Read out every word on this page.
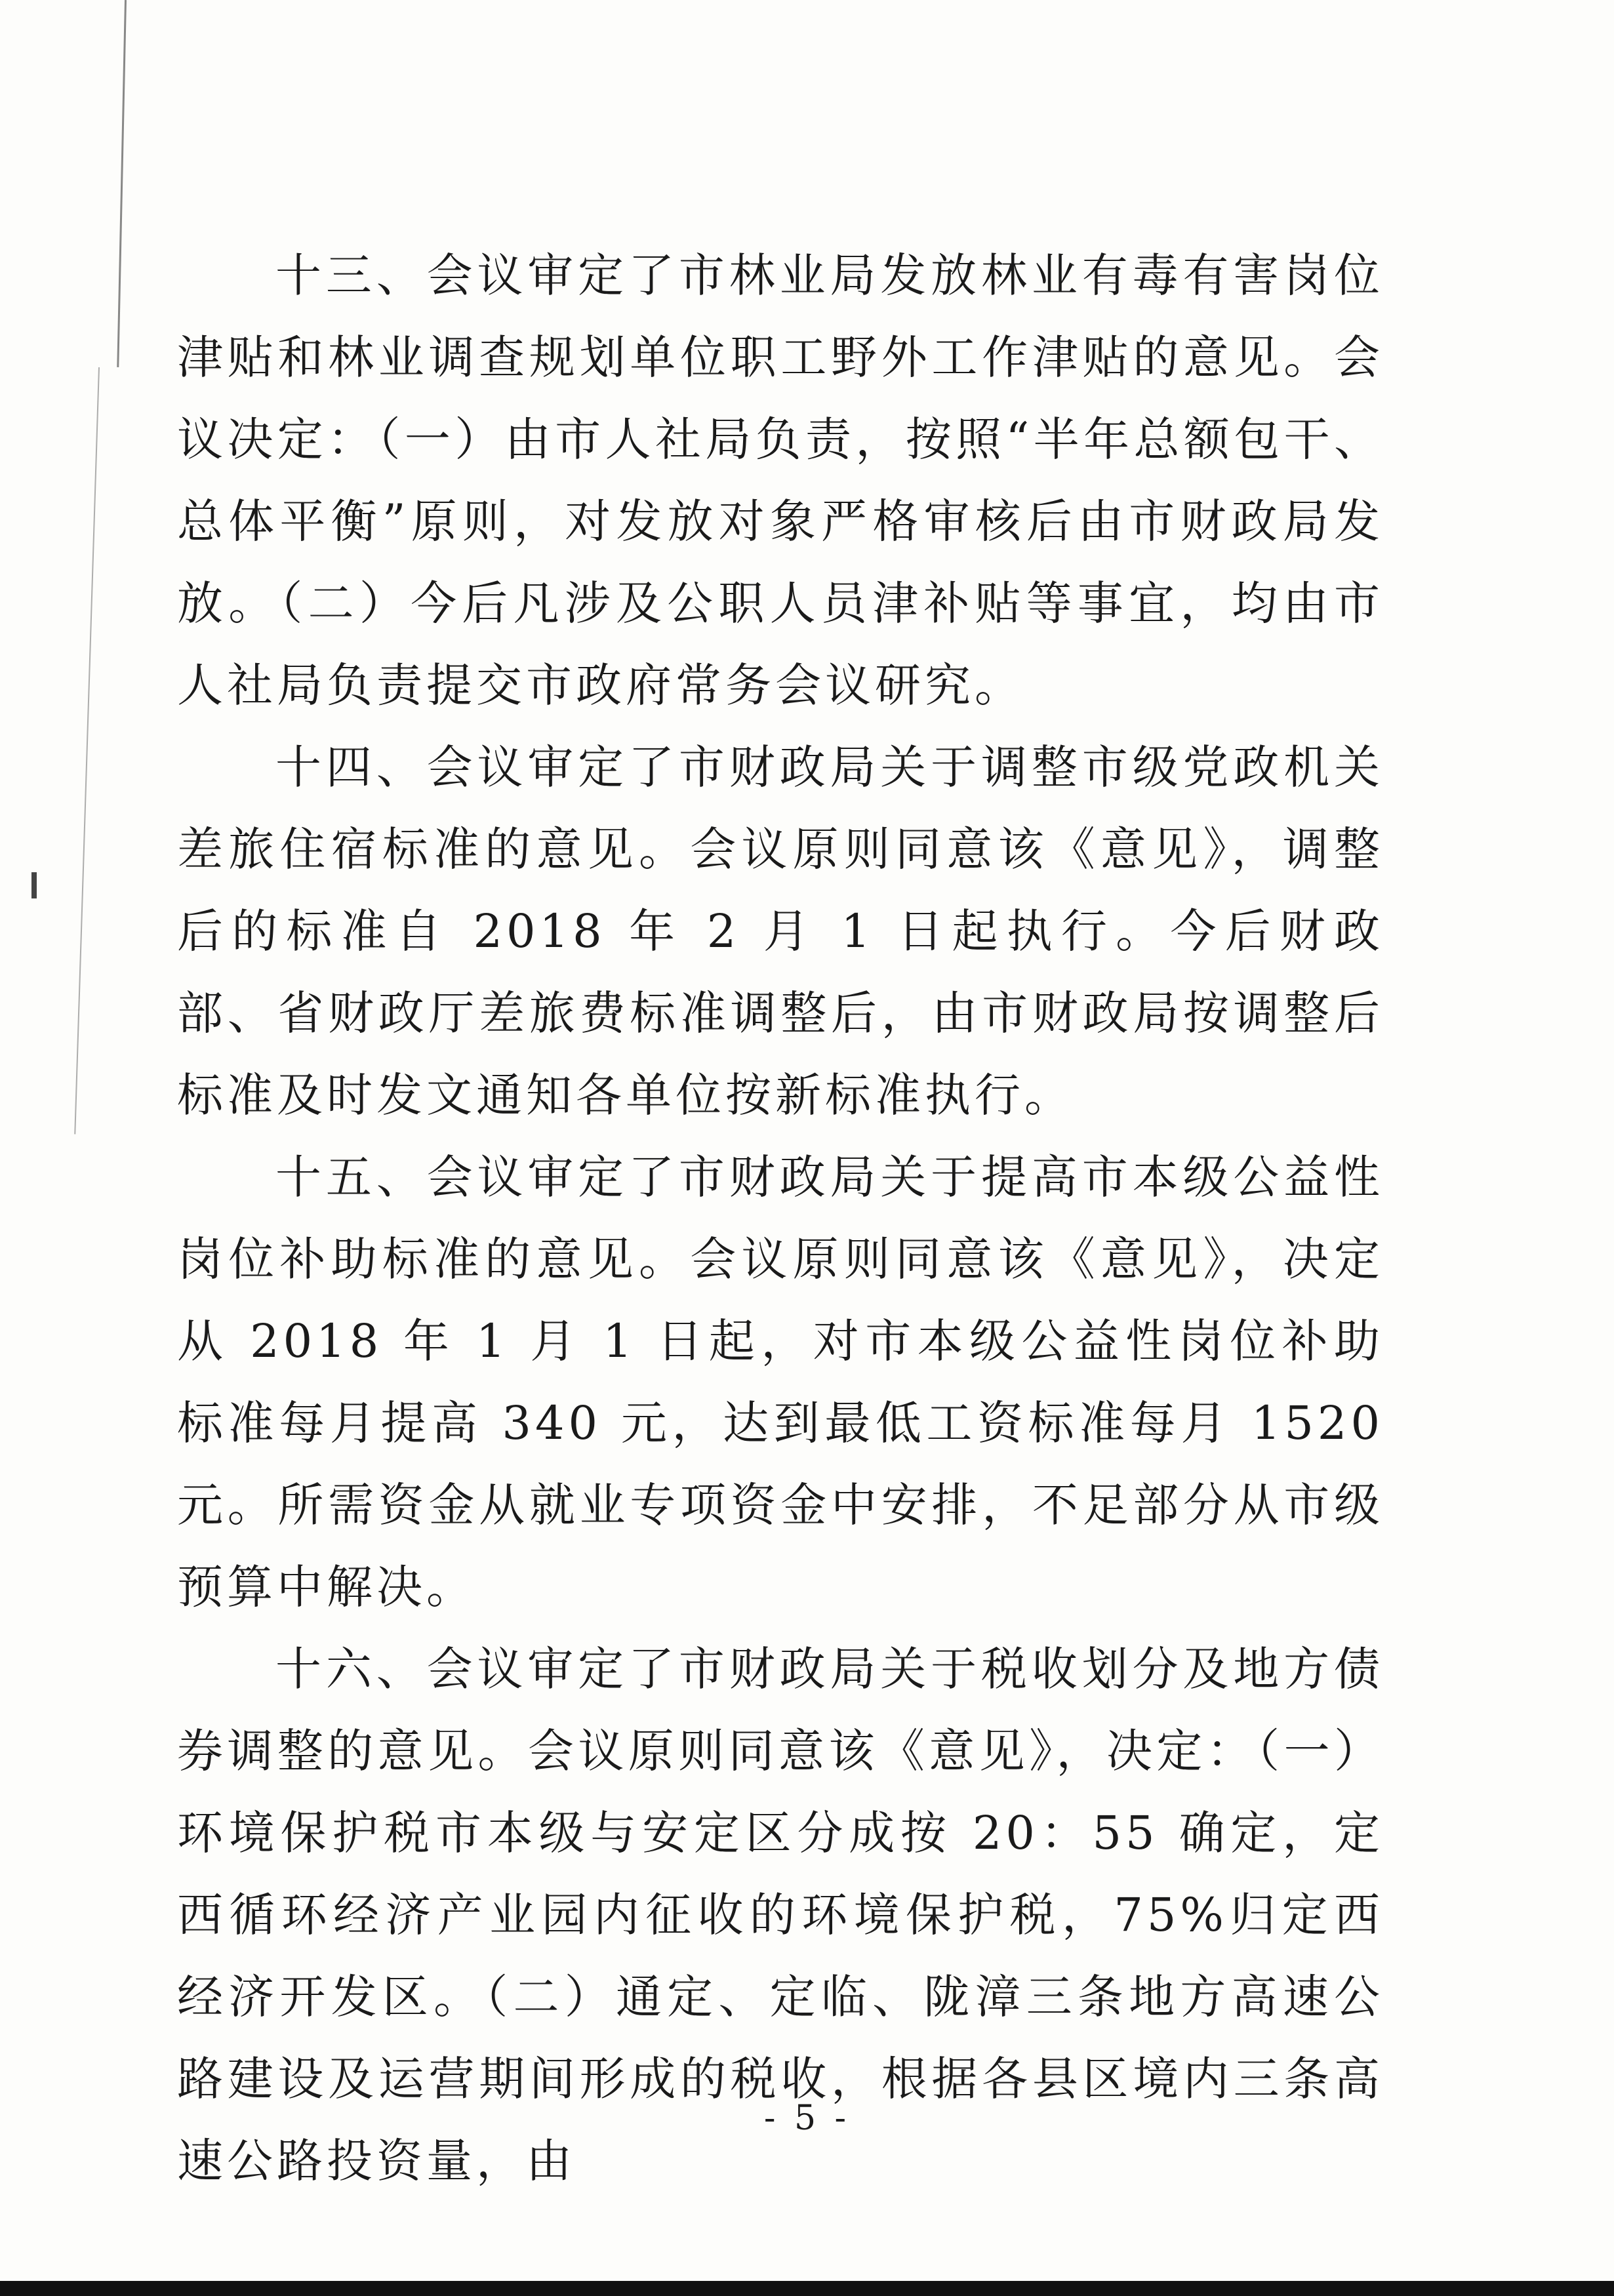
十三、会议审定了市林业局发放林业有毒有害岗位津贴和林业调查规划单位职工野外工作津贴的意见。会议决定：（一）由市人社局负责，按照“半年总额包干、总体平衡”原则，对发放对象严格审核后由市财政局发放。（二）今后凡涉及公职人员津补贴等事宜，均由市人社局负责提交市政府常务会议研究。

十四、会议审定了市财政局关于调整市级党政机关差旅住宿标准的意见。会议原则同意该《意见》，调整后的标准自 2018 年 2 月 1 日起执行。今后财政部、省财政厅差旅费标准调整后，由市财政局按调整后标准及时发文通知各单位按新标准执行。

十五、会议审定了市财政局关于提高市本级公益性岗位补助标准的意见。会议原则同意该《意见》，决定从 2018 年 1 月 1 日起，对市本级公益性岗位补助标准每月提高 340 元，达到最低工资标准每月 1520 元。所需资金从就业专项资金中安排，不足部分从市级预算中解决。

十六、会议审定了市财政局关于税收划分及地方债券调整的意见。会议原则同意该《意见》，决定：（一）环境保护税市本级与安定区分成按 20：55 确定，定西循环经济产业园内征收的环境保护税，75%归定西经济开发区。（二）通定、定临、陇漳三条地方高速公路建设及运营期间形成的税收，根据各县区境内三条高速公路投资量，由

- 5 -
